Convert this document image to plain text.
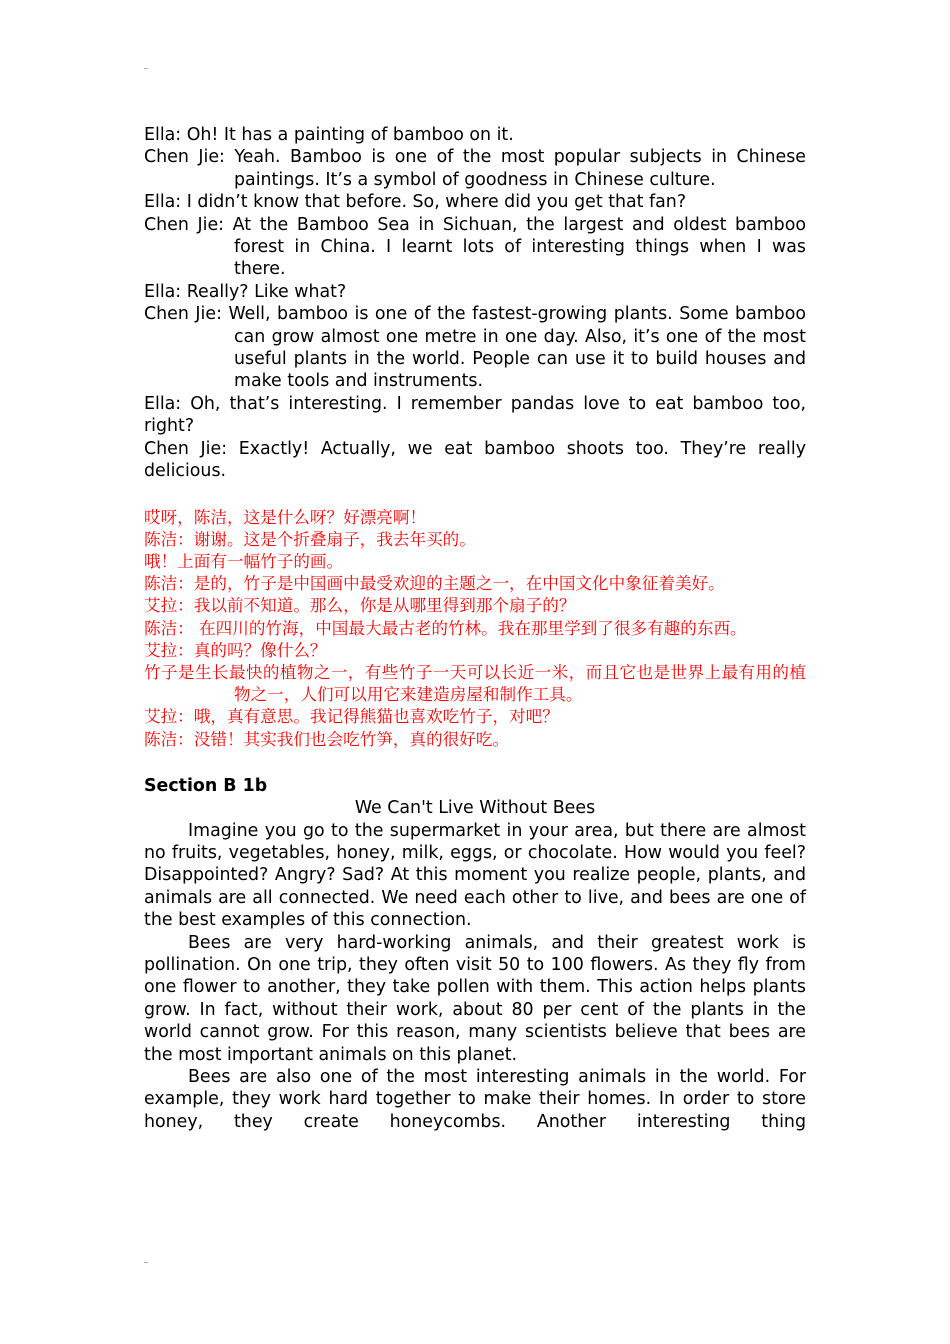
Ella: Oh! It has a painting of bamboo on it.

Chen Jie: Yeah. Bamboo is one of the most popular subjects in Chinese paintings. It’s a symbol of goodness in Chinese culture.

Ella: I didn’t know that before. So, where did you get that fan?

Chen Jie: At the Bamboo Sea in Sichuan, the largest and oldest bamboo forest in China. I learnt lots of interesting things when I was there.

Ella: Really? Like what?

Chen Jie: Well, bamboo is one of the fastest-growing plants. Some bamboo can grow almost one metre in one day. Also, it’s one of the most useful plants in the world. People can use it to build houses and make tools and instruments.

Ella: Oh, that’s interesting. I remember pandas love to eat bamboo too, right?

Chen Jie: Exactly! Actually, we eat bamboo shoots too. They’re really delicious.

哎呀，陈洁，这是什么呀？好漂亮啊！

陈洁：谢谢。这是个折叠扇子，我去年买的。

哦！上面有一幅竹子的画。

陈洁：是的，竹子是中国画中最受欢迎的主题之一，在中国文化中象征着美好。

艾拉：我以前不知道。那么，你是从哪里得到那个扇子的？

陈洁： 在四川的竹海，中国最大最古老的竹林。我在那里学到了很多有趣的东西。

艾拉：真的吗？像什么？

竹子是生长最快的植物之一，有些竹子一天可以长近一米，而且它也是世界上最有用的植物之一，人们可以用它来建造房屋和制作工具。

艾拉：哦，真有意思。我记得熊猫也喜欢吃竹子，对吧？

陈洁：没错！其实我们也会吃竹笋，真的很好吃。

Section B 1b

We Can't Live Without Bees

Imagine you go to the supermarket in your area, but there are almost no fruits, vegetables, honey, milk, eggs, or chocolate. How would you feel? Disappointed? Angry? Sad? At this moment you realize people, plants, and animals are all connected. We need each other to live, and bees are one of the best examples of this connection.

Bees are very hard-working animals, and their greatest work is pollination. On one trip, they often visit 50 to 100 flowers. As they fly from one flower to another, they take pollen with them. This action helps plants grow. In fact, without their work, about 80 per cent of the plants in the world cannot grow. For this reason, many scientists believe that bees are the most important animals on this planet.

Bees are also one of the most interesting animals in the world. For example, they work hard together to make their homes. In order to store honey, they create honeycombs. Another interesting thing
